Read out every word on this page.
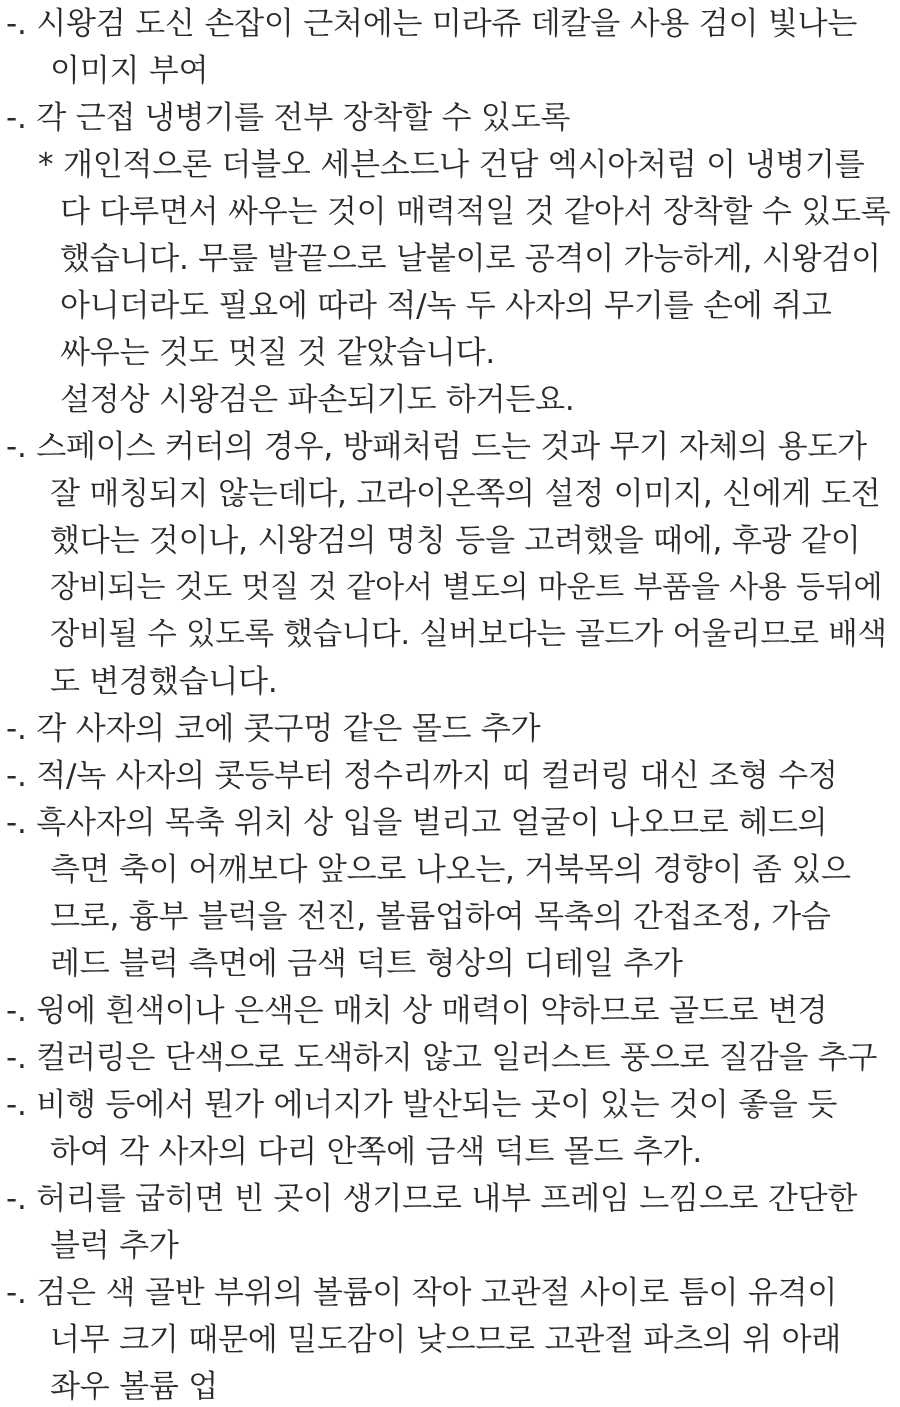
-. 시왕검 도신 손잡이 근처에는 미라쥬 데칼을 사용 검이 빛나는
이미지 부여
-. 각 근접 냉병기를 전부 장착할 수 있도록
* 개인적으론 더블오 세븐소드나 건담 엑시아처럼 이 냉병기를
다 다루면서 싸우는 것이 매력적일 것 같아서 장착할 수 있도록
했습니다. 무릎 발끝으로 날붙이로 공격이 가능하게, 시왕검이
아니더라도 필요에 따라 적/녹 두 사자의 무기를 손에 쥐고
싸우는 것도 멋질 것 같았습니다.
설정상 시왕검은 파손되기도 하거든요.
-. 스페이스 커터의 경우, 방패처럼 드는 것과 무기 자체의 용도가
잘 매칭되지 않는데다, 고라이온쪽의 설정 이미지, 신에게 도전
했다는 것이나, 시왕검의 명칭 등을 고려했을 때에, 후광 같이
장비되는 것도 멋질 것 같아서 별도의 마운트 부품을 사용 등뒤에
장비될 수 있도록 했습니다. 실버보다는 골드가 어울리므로 배색
도 변경했습니다.
-. 각 사자의 코에 콧구멍 같은 몰드 추가
-. 적/녹 사자의 콧등부터 정수리까지 띠 컬러링 대신 조형 수정
-. 흑사자의 목축 위치 상 입을 벌리고 얼굴이 나오므로 헤드의
측면 축이 어깨보다 앞으로 나오는, 거북목의 경향이 좀 있으
므로, 흉부 블럭을 전진, 볼륨업하여 목축의 간접조정, 가슴
레드 블럭 측면에 금색 덕트 형상의 디테일 추가
-. 윙에 흰색이나 은색은 매치 상 매력이 약하므로 골드로 변경
-. 컬러링은 단색으로 도색하지 않고 일러스트 풍으로 질감을 추구
-. 비행 등에서 뭔가 에너지가 발산되는 곳이 있는 것이 좋을 듯
하여 각 사자의 다리 안쪽에 금색 덕트 몰드 추가.
-. 허리를 굽히면 빈 곳이 생기므로 내부 프레임 느낌으로 간단한
블럭 추가
-. 검은 색 골반 부위의 볼륨이 작아 고관절 사이로 틈이 유격이
너무 크기 때문에 밀도감이 낮으므로 고관절 파츠의 위 아래
좌우 볼륨 업
